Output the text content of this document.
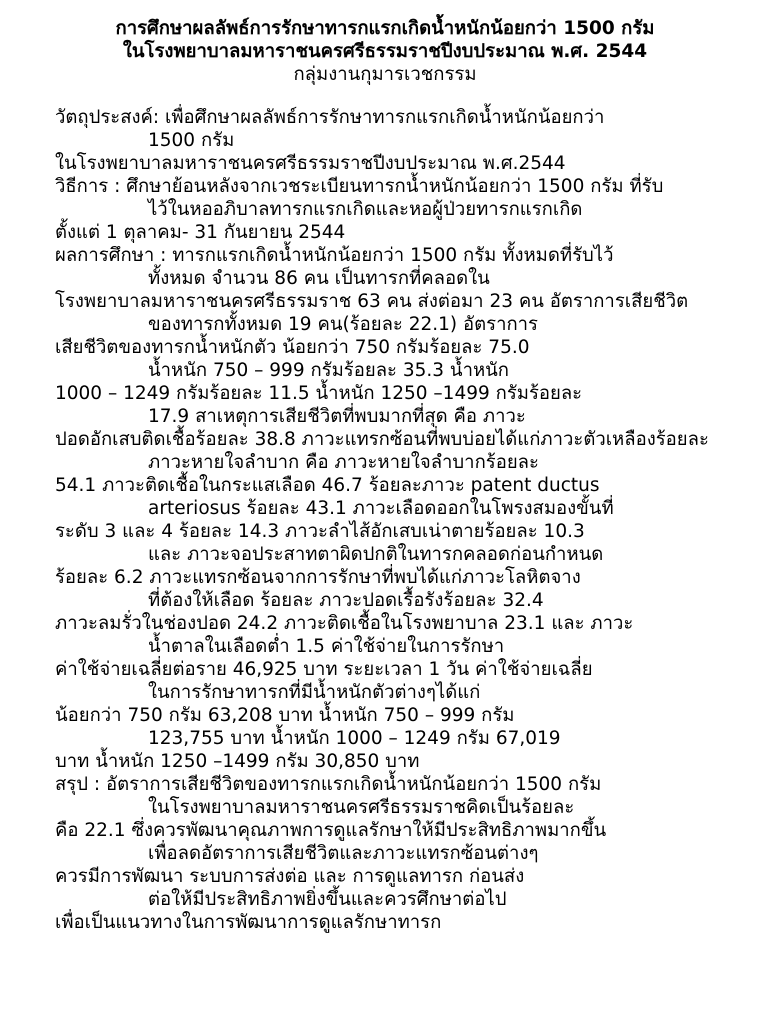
การศึกษาผลลัพธ์การรักษาทารกแรกเกิดน้ำหนักน้อยกว่า 1500 กรัม
ในโรงพยาบาลมหาราชนครศรีธรรมราชปีงบประมาณ พ.ศ. 2544
กลุ่มงานกุมารเวชกรรม
วัตถุประสงค์: เพื่อศึกษาผลลัพธ์การรักษาทารกแรกเกิดน้ำหนักน้อยกว่า
1500 กรัม
ในโรงพยาบาลมหาราชนครศรีธรรมราชปีงบประมาณ พ.ศ.2544
วิธีการ : ศึกษาย้อนหลังจากเวชระเบียนทารกน้ำหนักน้อยกว่า 1500 กรัม ที่รับ
ไว้ในหออภิบาลทารกแรกเกิดและหอผู้ป่วยทารกแรกเกิด
ตั้งแต่ 1 ตุลาคม- 31 กันยายน 2544
ผลการศึกษา : ทารกแรกเกิดน้ำหนักน้อยกว่า 1500 กรัม ทั้งหมดที่รับไว้
ทั้งหมด จำนวน 86 คน เป็นทารกที่คลอดใน
โรงพยาบาลมหาราชนครศรีธรรมราช 63 คน ส่งต่อมา 23 คน อัตราการเสียชีวิต
ของทารกทั้งหมด 19 คน(ร้อยละ 22.1) อัตราการ
เสียชีวิตของทารกน้ำหนักตัว น้อยกว่า 750 กรัมร้อยละ 75.0
น้ำหนัก 750 – 999 กรัมร้อยละ 35.3 น้ำหนัก
1000 – 1249 กรัมร้อยละ 11.5 น้ำหนัก 1250 –1499 กรัมร้อยละ
17.9 สาเหตุการเสียชีวิตที่พบมากที่สุด คือ ภาวะ
ปอดอักเสบติดเชื้อร้อยละ 38.8 ภาวะแทรกซ้อนที่พบบ่อยได้แก่ภาวะตัวเหลืองร้อยละ
ภาวะหายใจลำบาก คือ ภาวะหายใจลำบากร้อยละ
54.1 ภาวะติดเชื้อในกระแสเลือด 46.7 ร้อยละภาวะ patent ductus
arteriosus ร้อยละ 43.1 ภาวะเลือดออกในโพรงสมองขั้นที่
ระดับ 3 และ 4 ร้อยละ 14.3 ภาวะลำไส้อักเสบเน่าตายร้อยละ 10.3
และ ภาวะจอประสาทตาผิดปกติในทารกคลอดก่อนกำหนด
ร้อยละ 6.2 ภาวะแทรกซ้อนจากการรักษาที่พบได้แก่ภาวะโลหิตจาง
ที่ต้องให้เลือด ร้อยละ ภาวะปอดเรื้อรังร้อยละ 32.4
ภาวะลมรั่วในช่องปอด 24.2 ภาวะติดเชื้อในโรงพยาบาล 23.1 และ ภาวะ
น้ำตาลในเลือดต่ำ 1.5 ค่าใช้จ่ายในการรักษา
ค่าใช้จ่ายเฉลี่ยต่อราย 46,925 บาท ระยะเวลา 1 วัน ค่าใช้จ่ายเฉลี่ย
ในการรักษาทารกที่มีน้ำหนักตัวต่างๆได้แก่
น้อยกว่า 750 กรัม 63,208 บาท น้ำหนัก 750 – 999 กรัม
123,755 บาท น้ำหนัก 1000 – 1249 กรัม 67,019
บาท น้ำหนัก 1250 –1499 กรัม 30,850 บาท
สรุป : อัตราการเสียชีวิตของทารกแรกเกิดน้ำหนักน้อยกว่า 1500 กรัม
ในโรงพยาบาลมหาราชนครศรีธรรมราชคิดเป็นร้อยละ
คือ 22.1 ซึ่งควรพัฒนาคุณภาพการดูแลรักษาให้มีประสิทธิภาพมากขึ้น
เพื่อลดอัตราการเสียชีวิตและภาวะแทรกซ้อนต่างๆ
ควรมีการพัฒนา ระบบการส่งต่อ และ การดูแลทารก ก่อนส่ง
ต่อให้มีประสิทธิภาพยิ่งขึ้นและควรศึกษาต่อไป
เพื่อเป็นแนวทางในการพัฒนาการดูแลรักษาทารก
